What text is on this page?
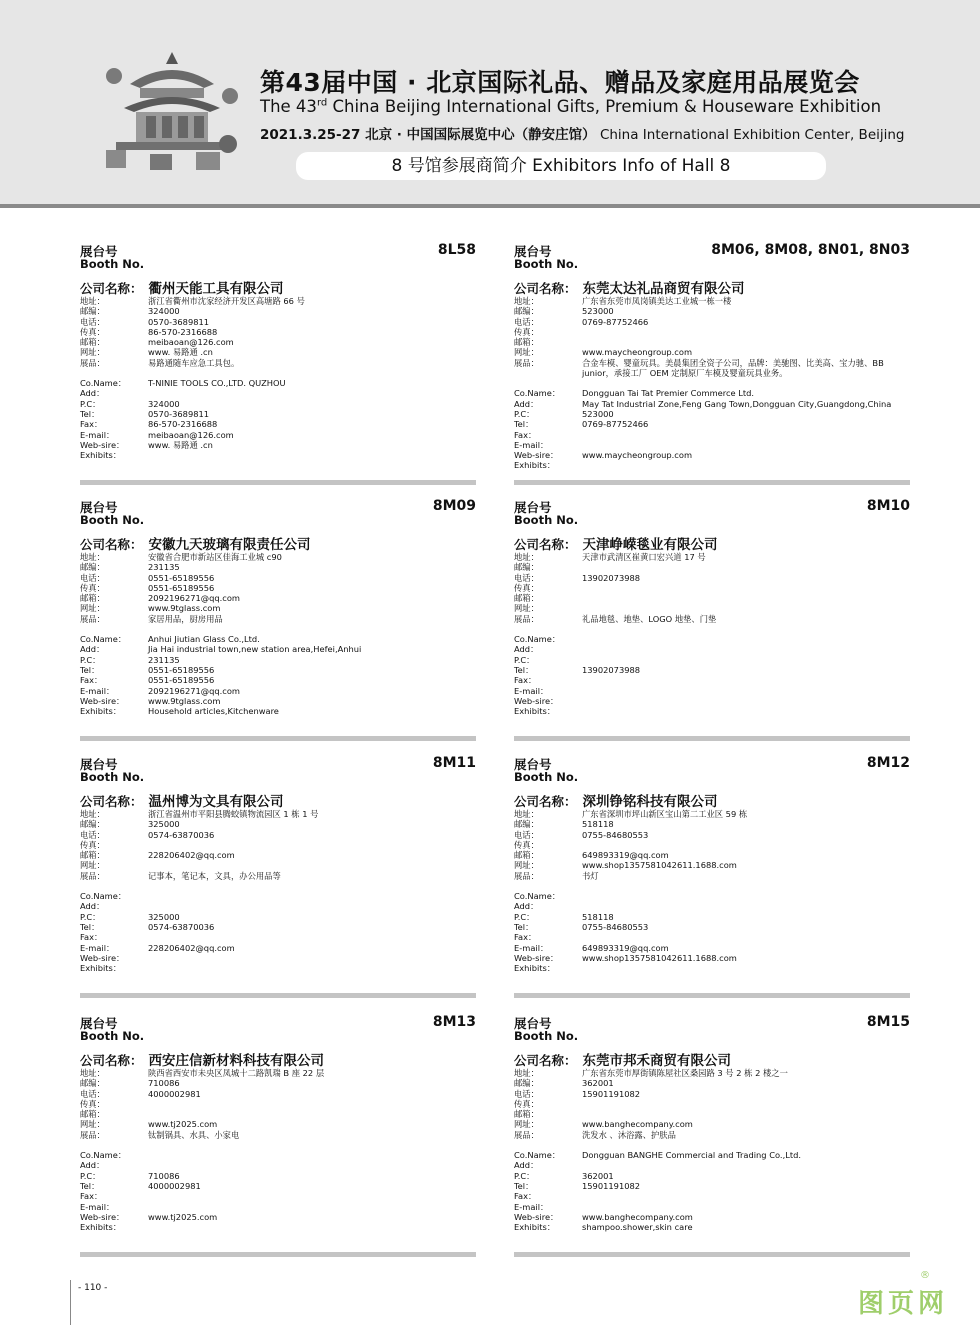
第43届中国 · 北京国际礼品、赠品及家庭用品展览会
The 43rd China Beijing International Gifts, Premium & Houseware Exhibition
2021.3.25-27 北京 · 中国国际展览中心（静安庄馆） China International Exhibition Center, Beijing
8 号馆参展商简介 Exhibitors Info of Hall 8
展台号
Booth No.
8L58
公司名称： 衢州天能工具有限公司
地址：	浙江省衢州市沈家经济开发区高塘路 66 号
邮编：	324000
电话：	0570-3689811
传真：	86-570-2316688
邮箱：	meibaoan@126.com
网址：	www. 易路通 .cn
展品：	易路通随车应急工具包。
Co.Name：	T-NINIE TOOLS CO.,LTD. QUZHOU
Add：
P.C：	324000
Tel：	0570-3689811
Fax：	86-570-2316688
E-mail：	meibaoan@126.com
Web-sire：	www. 易路通 .cn
Exhibits：
展台号
Booth No.
8M06, 8M08, 8N01, 8N03
公司名称： 东莞太达礼品商贸有限公司
地址：	广东省东莞市凤岗镇美达工业城一栋一楼
邮编：	523000
电话：	0769-87752466
传真：
邮箱：
网址：	www.maycheongroup.com
展品：	合金车模、婴童玩具。美晨集团全资子公司，品牌：美驰图、比美高、宝力驰、BB junior，承接工厂 OEM 定制原厂车模及婴童玩具业务。
Co.Name：	Dongguan Tai Tat Premier Commerce Ltd.
Add：	May Tat Industrial Zone,Feng Gang Town,Dongguan City,Guangdong,China
P.C：	523000
Tel：	0769-87752466
Fax：
E-mail：
Web-sire：	www.maycheongroup.com
Exhibits：
展台号
Booth No.
8M09
公司名称： 安徽九天玻璃有限责任公司
地址：	安徽省合肥市新站区佳海工业城 c90
邮编：	231135
电话：	0551-65189556
传真：	0551-65189556
邮箱：	2092196271@qq.com
网址：	www.9tglass.com
展品：	家居用品，厨房用品
Co.Name：	Anhui Jiutian Glass Co.,Ltd.
Add：	Jia Hai industrial town,new station area,Hefei,Anhui
P.C：	231135
Tel：	0551-65189556
Fax：	0551-65189556
E-mail：	2092196271@qq.com
Web-sire：	www.9tglass.com
Exhibits：	Household articles,Kitchenware
展台号
Booth No.
8M10
公司名称： 天津峥嵘毯业有限公司
地址：	天津市武清区崔黄口宏兴道 17 号
邮编：
电话：	13902073988
传真：
邮箱：
网址：
展品：	礼品地毯、地垫、LOGO 地垫、门垫
Co.Name：
Add：
P.C：
Tel：	13902073988
Fax：
E-mail：
Web-sire：
Exhibits：
展台号
Booth No.
8M11
公司名称： 温州博为文具有限公司
地址：	浙江省温州市平阳县腾蛟镇物流园区 1 栋 1 号
邮编：	325000
电话：	0574-63870036
传真：
邮箱：	228206402@qq.com
网址：
展品：	记事本，笔记本，文具，办公用品等
Co.Name：
Add：
P.C：	325000
Tel：	0574-63870036
Fax：
E-mail：	228206402@qq.com
Web-sire：
Exhibits：
展台号
Booth No.
8M12
公司名称： 深圳铮铭科技有限公司
地址：	广东省深圳市坪山新区宝山第二工业区 59 栋
邮编：	518118
电话：	0755-84680553
传真：
邮箱：	649893319@qq.com
网址：	www.shop1357581042611.1688.com
展品：	书灯
Co.Name：
Add：
P.C：	518118
Tel：	0755-84680553
Fax：
E-mail：	649893319@qq.com
Web-sire：	www.shop1357581042611.1688.com
Exhibits：
展台号
Booth No.
8M13
公司名称： 西安庄信新材料科技有限公司
地址：	陕西省西安市未央区凤城十二路凯瑞 B 座 22 层
邮编：	710086
电话：	4000002981
传真：
邮箱：
网址：	www.tj2025.com
展品：	钛制锅具、水具、小家电
Co.Name：
Add：
P.C：	710086
Tel：	4000002981
Fax：
E-mail：
Web-sire：	www.tj2025.com
Exhibits：
展台号
Booth No.
8M15
公司名称： 东莞市邦禾商贸有限公司
地址：	广东省东莞市厚街镇陈屋社区桑园路 3 号 2 栋 2 楼之一
邮编：	362001
电话：	15901191082
传真：
邮箱：
网址：	www.banghecompany.com
展品：	洗发水 、沐浴露、护肤品
Co.Name：	Dongguan BANGHE Commercial and Trading Co.,Ltd.
Add：
P.C：	362001
Tel：	15901191082
Fax：
E-mail：
Web-sire：	www.banghecompany.com
Exhibits：	shampoo.shower,skin care
- 110 -
图页网
®
